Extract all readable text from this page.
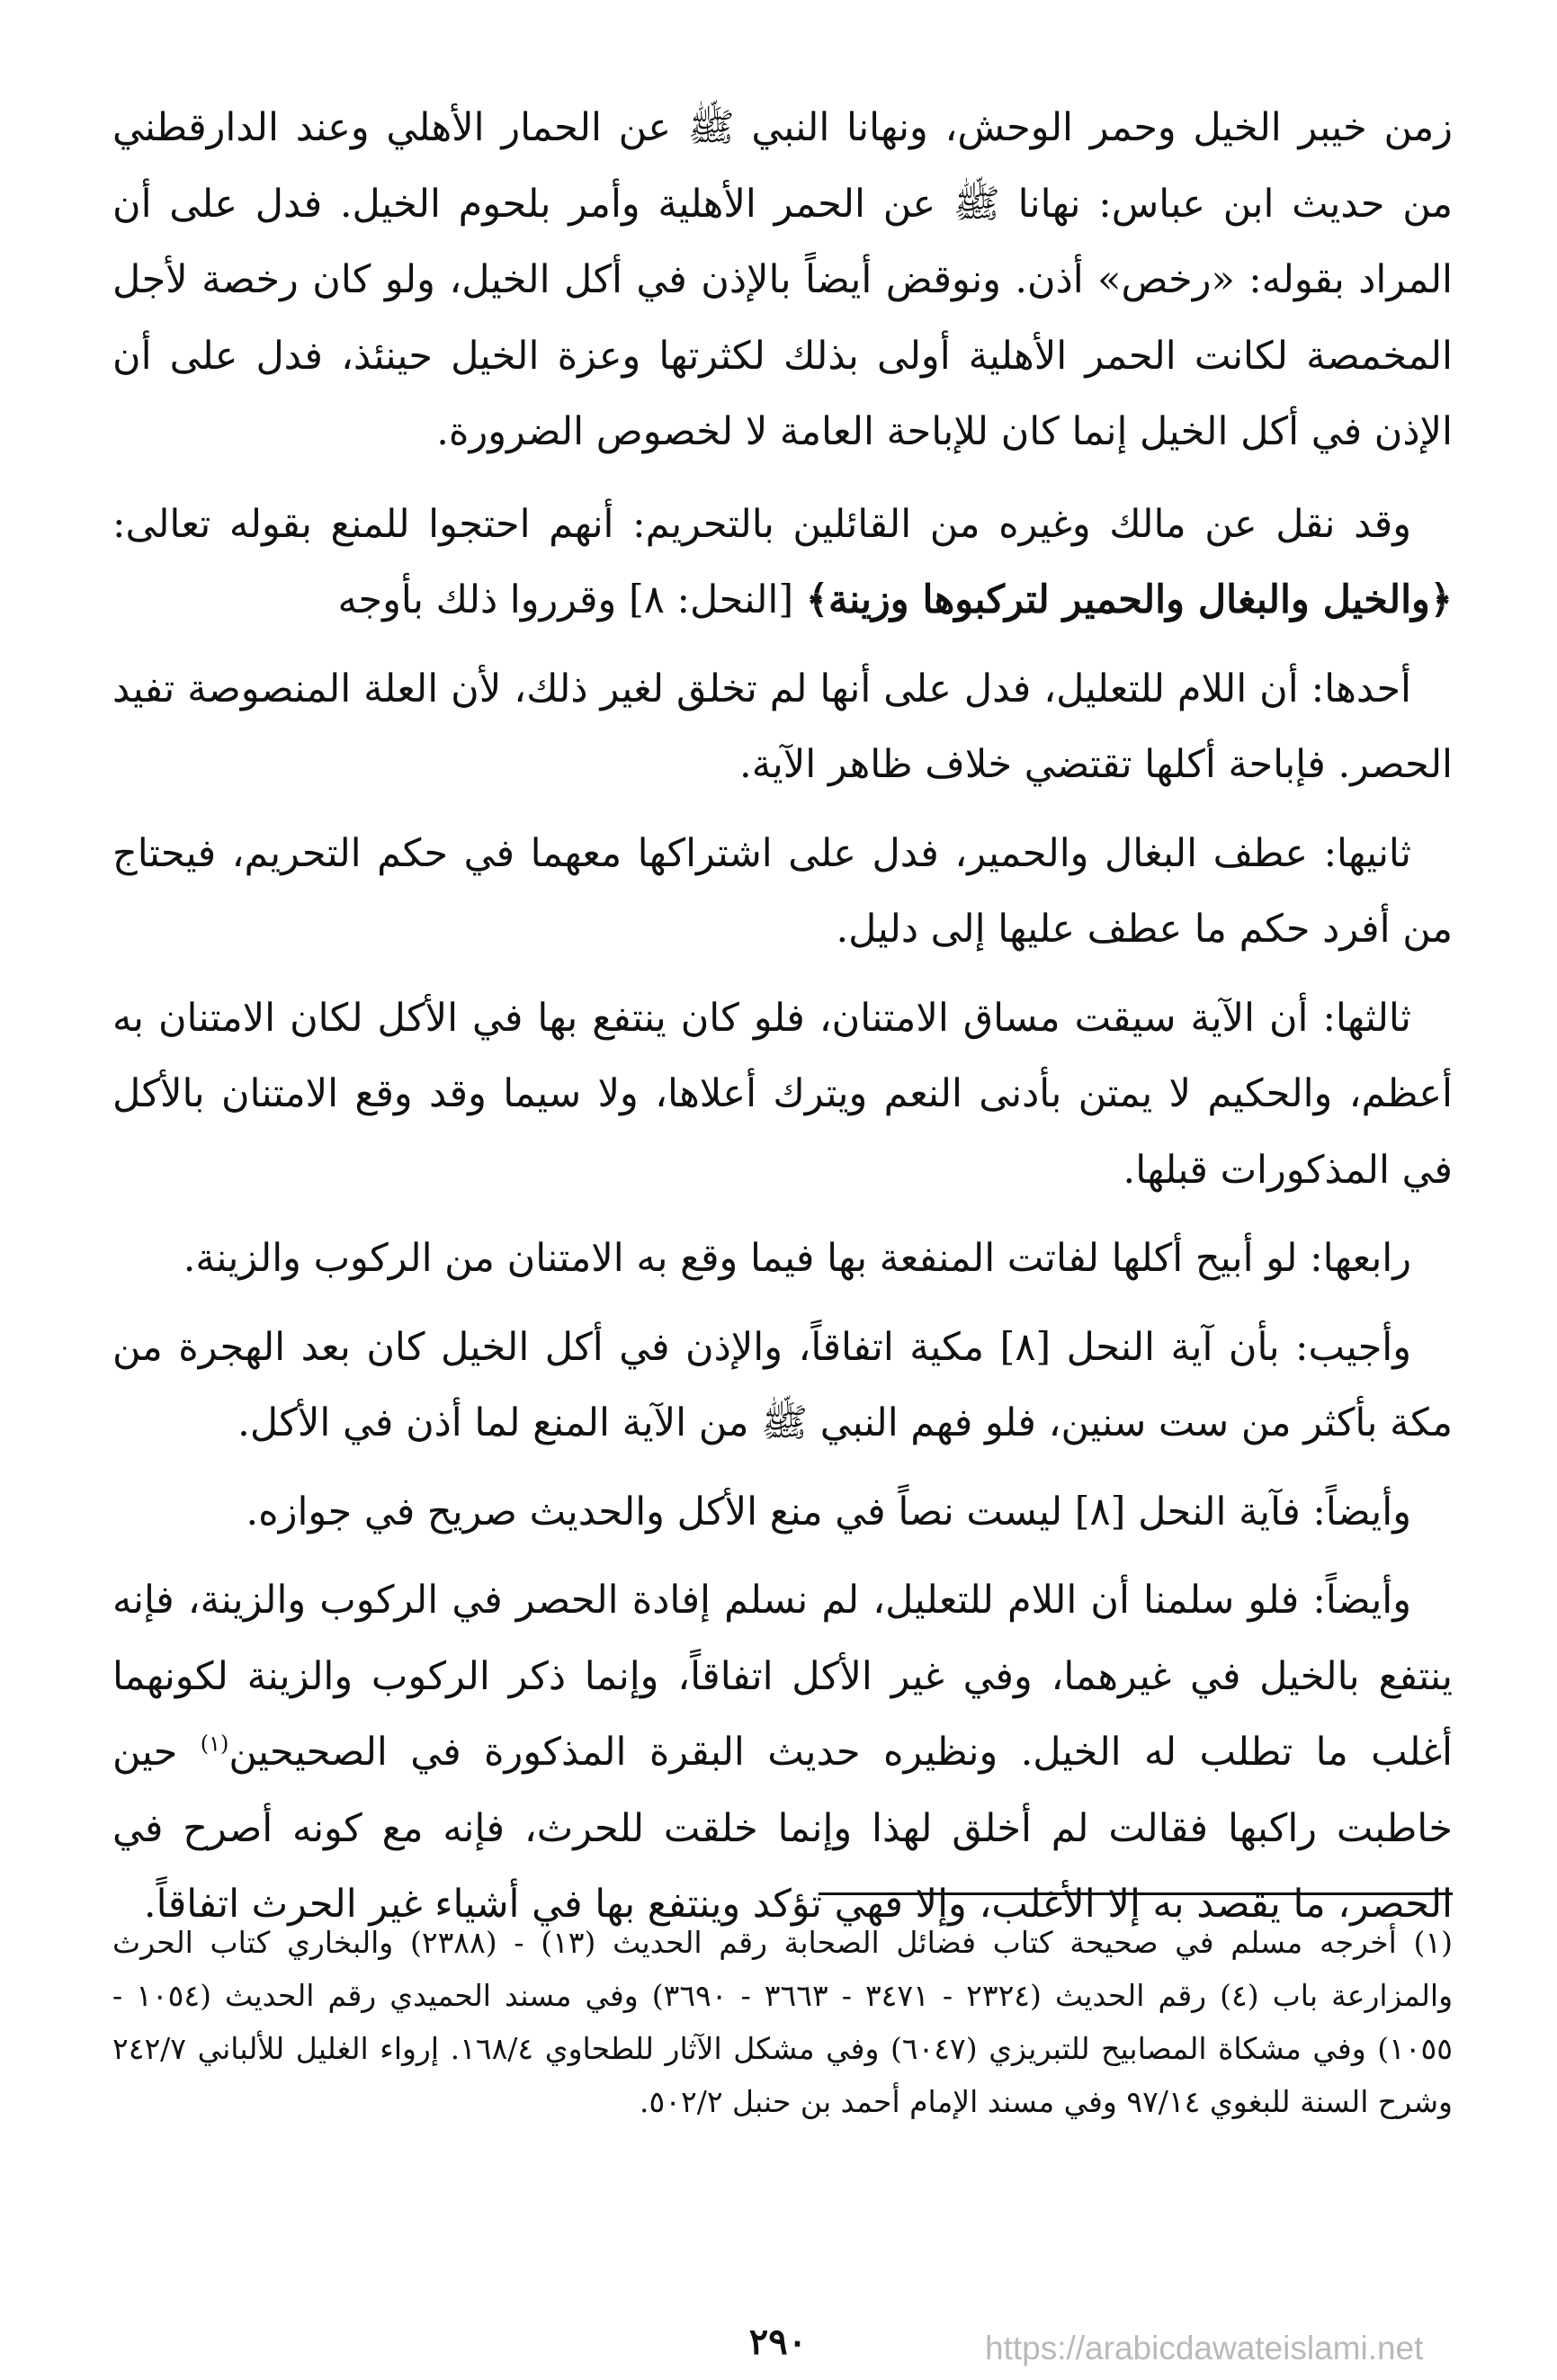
زمن خيبر الخيل وحمر الوحش، ونهانا النبي ﷺ عن الحمار الأهلي وعند الدارقطني من حديث ابن عباس: نهانا ﷺ عن الحمر الأهلية وأمر بلحوم الخيل. فدل على أن المراد بقوله: «رخص»‏ أذن. ونوقض أيضاً بالإذن في أكل الخيل، ولو كان رخصة لأجل المخمصة لكانت الحمر الأهلية أولى بذلك لكثرتها وعزة الخيل حينئذ، فدل على أن الإذن في أكل الخيل إنما كان للإباحة العامة لا لخصوص الضرورة.

وقد نقل عن مالك وغيره من القائلين بالتحريم: أنهم احتجوا للمنع بقوله تعالى: ﴿والخيل والبغال والحمير لتركبوها وزينة﴾ [النحل: ٨] وقرروا ذلك بأوجه

أحدها: أن اللام للتعليل، فدل على أنها لم تخلق لغير ذلك، لأن العلة المنصوصة تفيد الحصر. فإباحة أكلها تقتضي خلاف ظاهر الآية.

ثانيها: عطف البغال والحمير، فدل على اشتراكها معهما في حكم التحريم، فيحتاج من أفرد حكم ما عطف عليها إلى دليل.

ثالثها: أن الآية سيقت مساق الامتنان، فلو كان ينتفع بها في الأكل لكان الامتنان به أعظم، والحكيم لا يمتن بأدنى النعم ويترك أعلاها، ولا سيما وقد وقع الامتنان بالأكل في المذكورات قبلها.

رابعها: لو أبيح أكلها لفاتت المنفعة بها فيما وقع به الامتنان من الركوب والزينة.

وأجيب: بأن آية النحل [٨] مكية اتفاقاً، والإذن في أكل الخيل كان بعد الهجرة من مكة بأكثر من ست سنين، فلو فهم النبي ﷺ من الآية المنع لما أذن في الأكل.

وأيضاً: فآية النحل [٨] ليست نصاً في منع الأكل والحديث صريح في جوازه.

وأيضاً: فلو سلمنا أن اللام للتعليل، لم نسلم إفادة الحصر في الركوب والزينة، فإنه ينتفع بالخيل في غيرهما، وفي غير الأكل اتفاقاً، وإنما ذكر الركوب والزينة لكونهما أغلب ما تطلب له الخيل. ونظيره حديث البقرة المذكورة في الصحيحين$^{(١)}$ حين خاطبت راكبها فقالت لم أخلق لهذا وإنما خلقت للحرث، فإنه مع كونه أصرح في الحصر، ما يقصد به إلا الأغلب، وإلا فهي تؤكد وينتفع بها في أشياء غير الحرث اتفاقاً.

(١) أخرجه مسلم في صحيحة كتاب فضائل الصحابة رقم الحديث (١٣) - (٢٣٨٨) والبخاري كتاب الحرث والمزارعة باب (٤) رقم الحديث (٢٣٢٤ - ٣٤٧١ - ٣٦٦٣ - ٣٦٩٠) وفي مسند الحميدي رقم الحديث (١٠٥٤ - ١٠٥٥) وفي مشكاة المصابيح للتبريزي (٦٠٤٧) وفي مشكل الآثار للطحاوي ١٦٨/٤. إرواء الغليل للألباني ٢٤٢/٧ وشرح السنة للبغوي ٩٧/١٤ وفي مسند الإمام أحمد بن حنبل ٥٠٢/٢.

٢٩٠	https://arabicdawateislami.net
